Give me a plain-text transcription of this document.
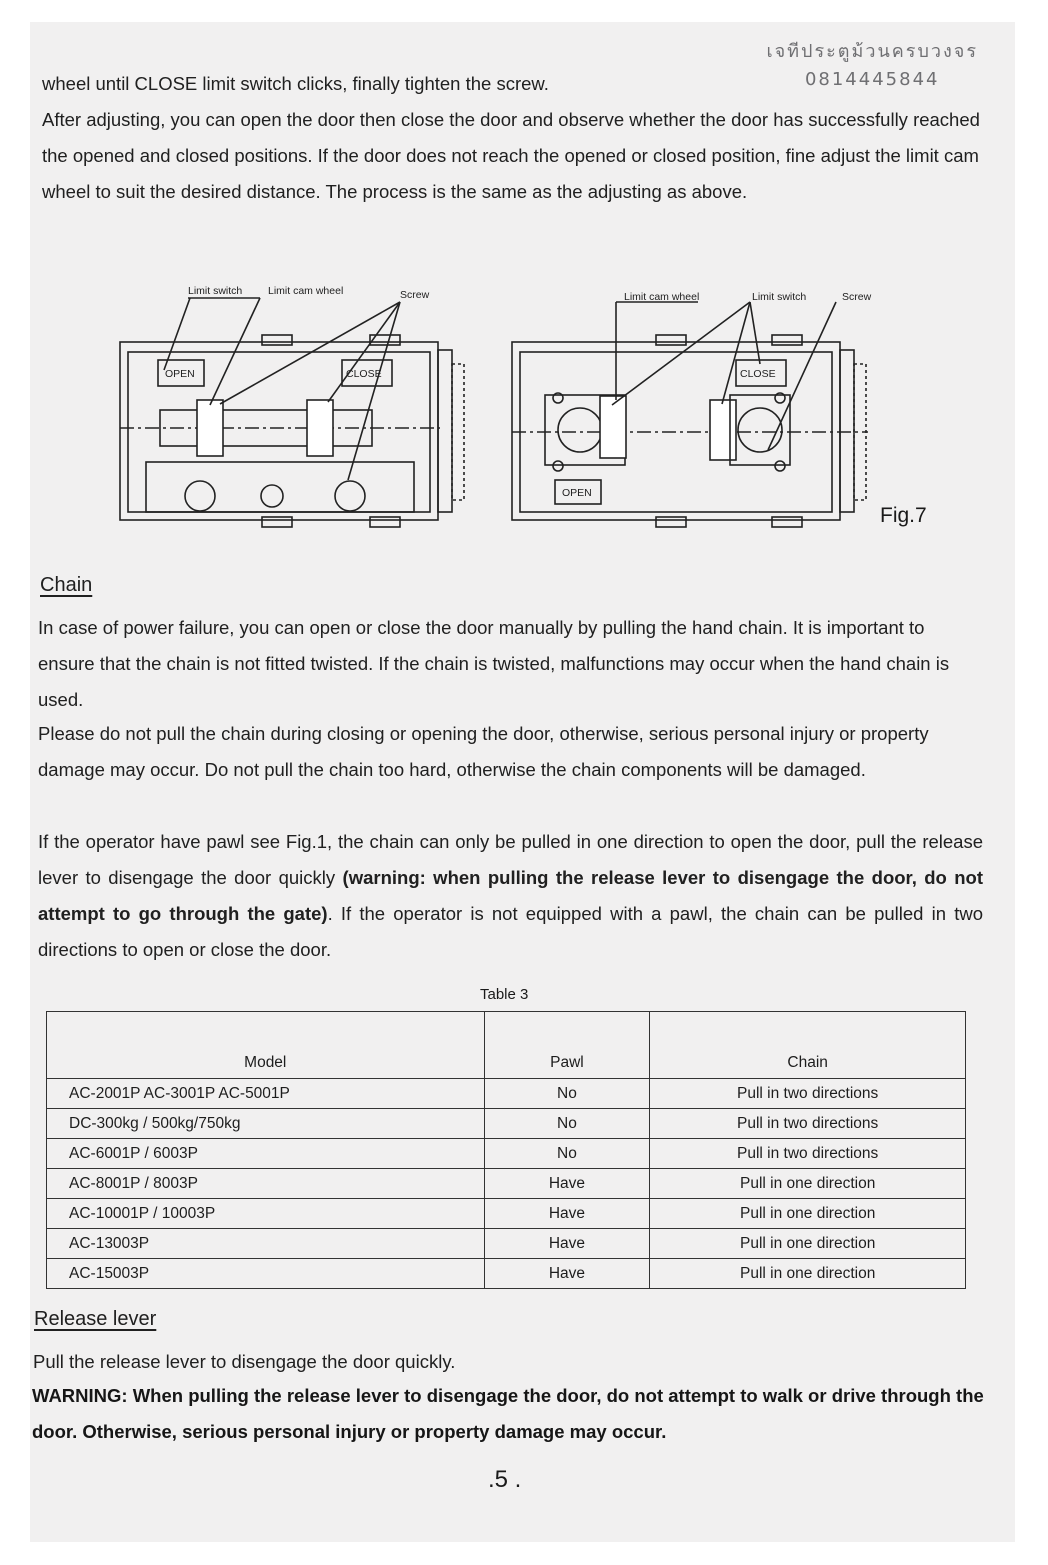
เจทีประตูม้วนครบวงจร
0814445844

wheel until CLOSE limit switch clicks, finally tighten the screw.

After adjusting, you can open the door then close the door and observe whether the door has successfully reached the opened and closed positions. If the door does not reach the opened or closed position, fine adjust the limit cam wheel to suit the desired distance. The process is the same as the adjusting as above.

Limit switch Limit cam wheel	Screw
OPEN	CLOSE
Limit cam wheel	Limit switch	Screw
CLOSE
OPEN
Fig.7
Chain

In case of power failure, you can open or close the door manually by pulling the hand chain. It is important to ensure that the chain is not fitted twisted. If the chain is twisted, malfunctions may occur when the hand chain is used.

Please do not pull the chain during closing or opening the door, otherwise, serious personal injury or property damage may occur. Do not pull the chain too hard, otherwise the chain components will be damaged.

If the operator have pawl see Fig.1, the chain can only be pulled in one direction to open the door, pull the release lever to disengage the door quickly (warning: when pulling the release lever to disengage the door, do not attempt to go through the gate). If the operator is not equipped with a pawl, the chain can be pulled in two directions to open or close the door.

Table 3
Model	Pawl	Chain
AC-2001P AC-3001P AC-5001P	No	Pull in two directions
DC-300kg / 500kg/750kg	No	Pull in two directions
AC-6001P / 6003P	No	Pull in two directions
AC-8001P / 8003P	Have	Pull in one direction
AC-10001P / 10003P	Have	Pull in one direction
AC-13003P	Have	Pull in one direction
AC-15003P	Have	Pull in one direction
Release lever

Pull the release lever to disengage the door quickly.

WARNING: When pulling the release lever to disengage the door, do not attempt to walk or drive through the door. Otherwise, serious personal injury or property damage may occur.

.5 .
